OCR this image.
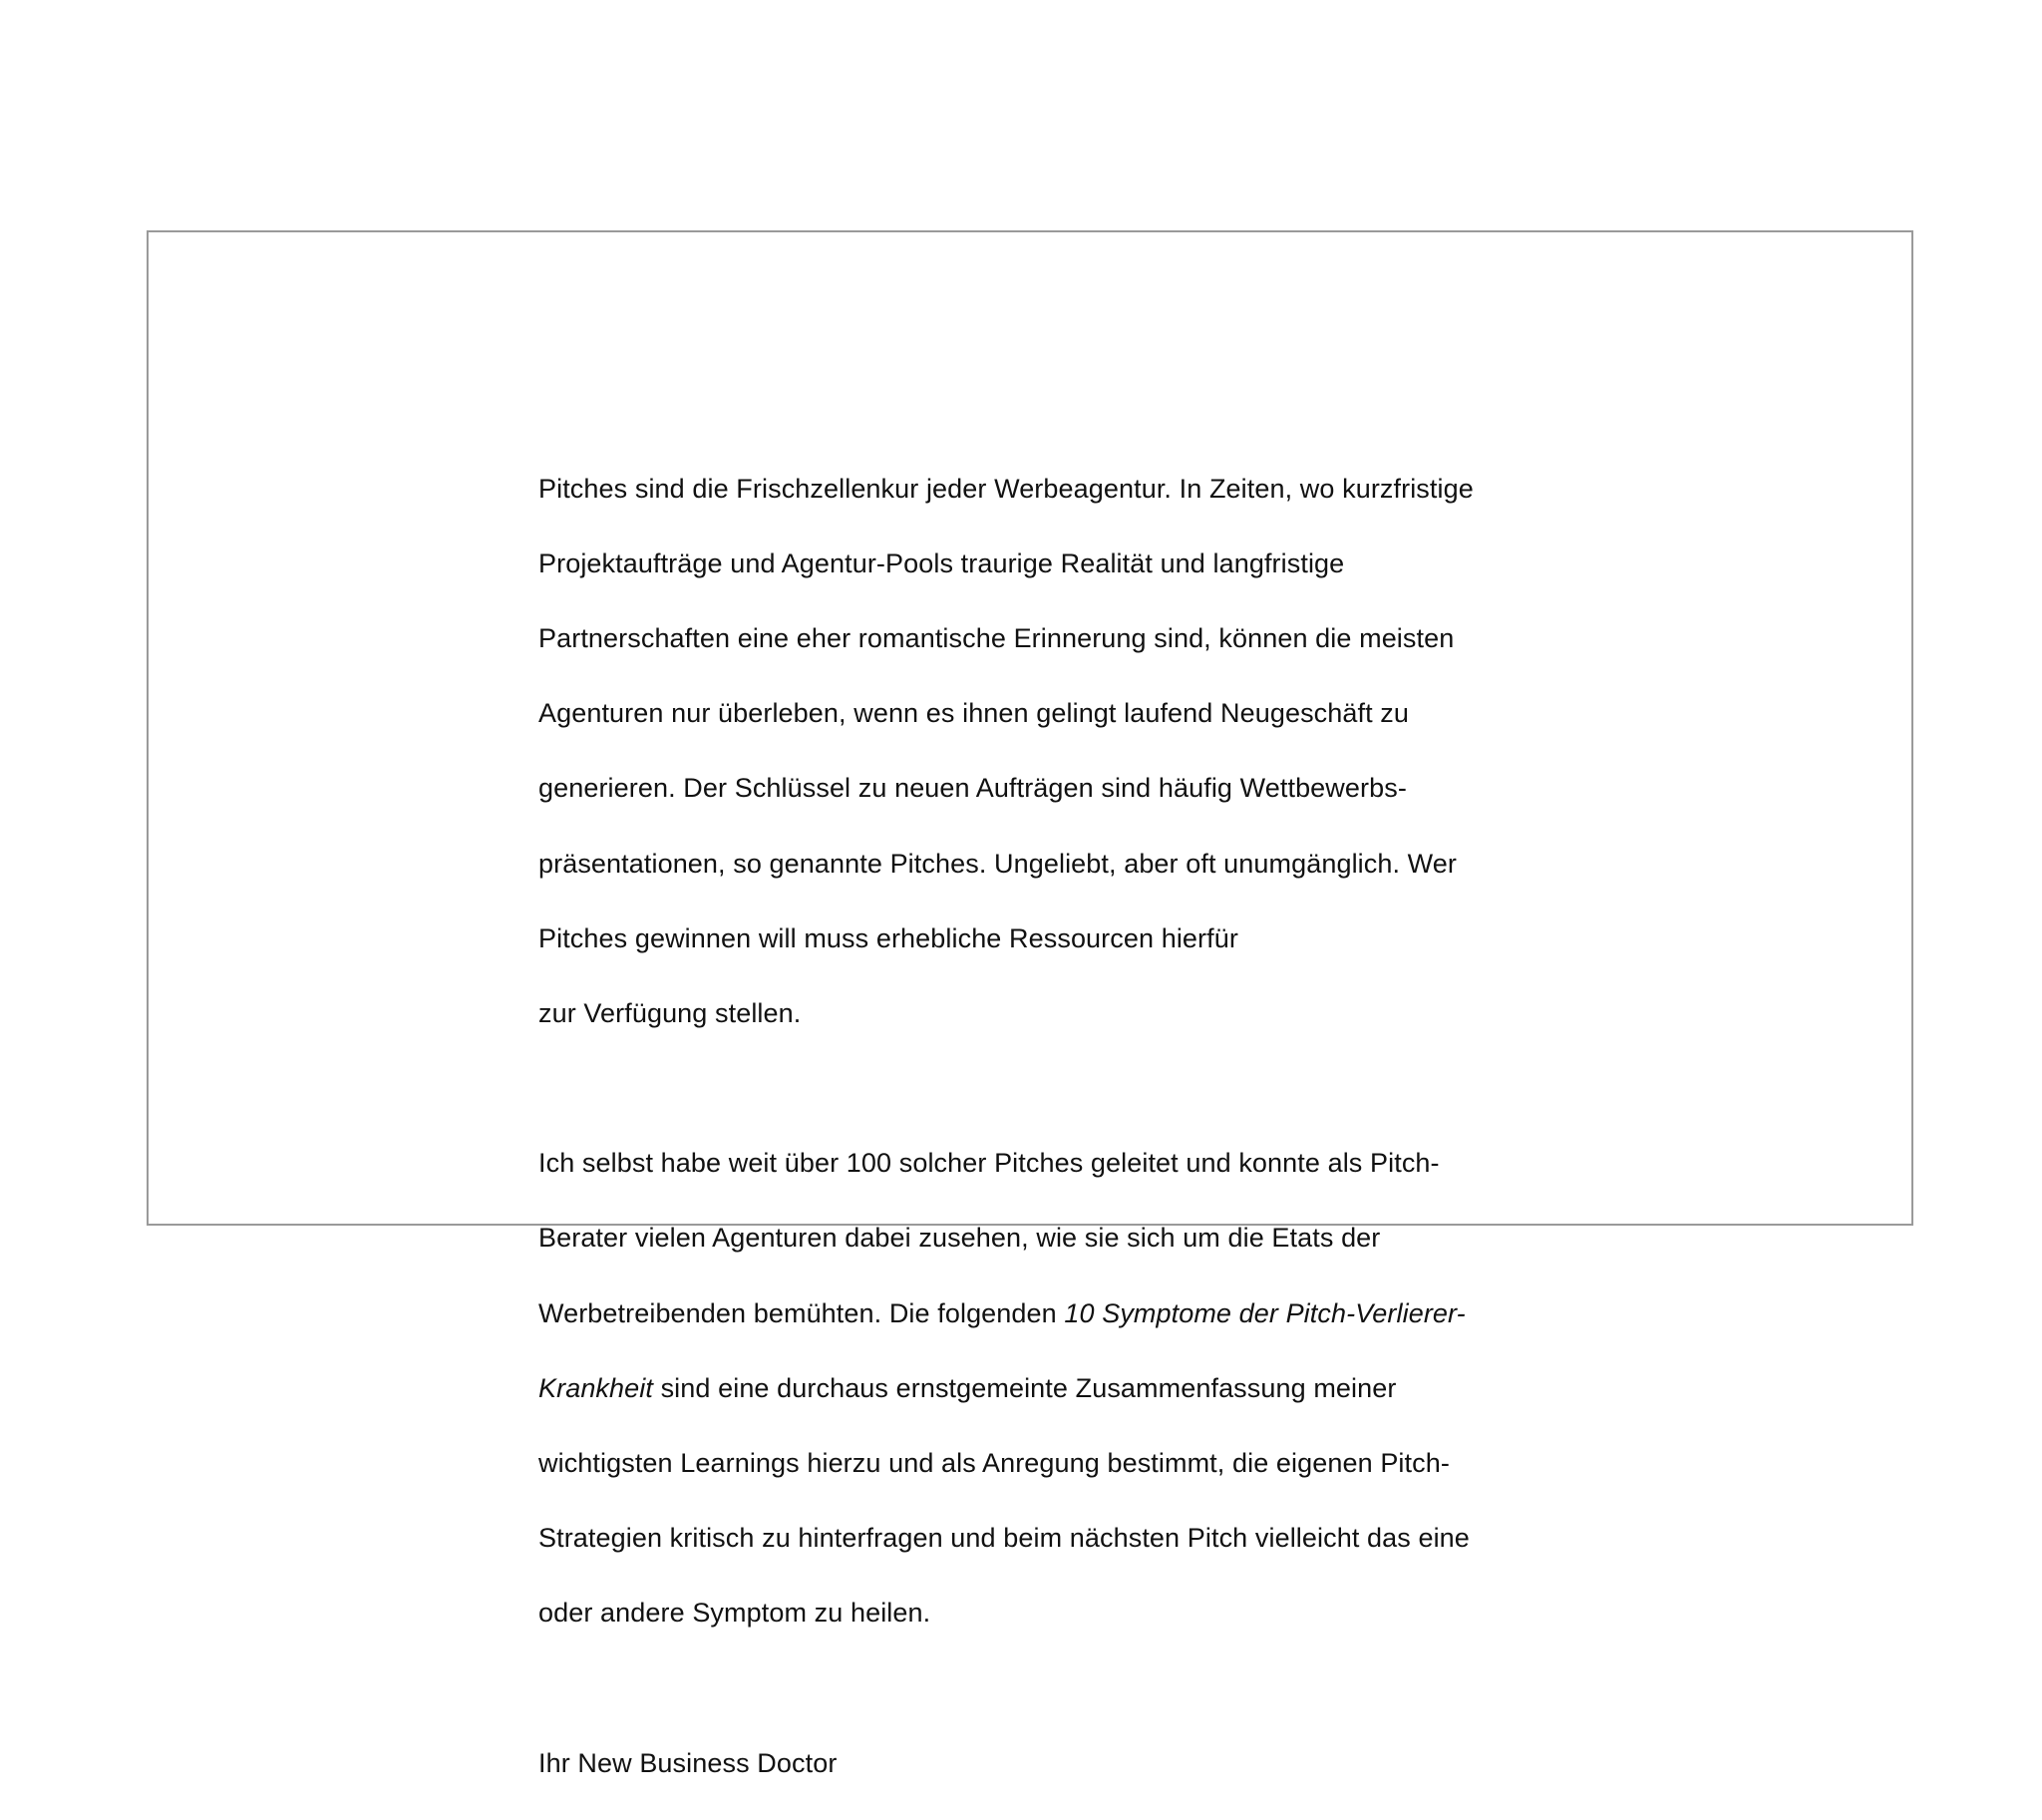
Pitches sind die Frischzellenkur jeder Werbeagentur. In Zeiten, wo kurzfristige

Projektaufträge und Agentur-Pools traurige Realität und langfristige

Partnerschaften eine eher romantische Erinnerung sind, können die meisten

Agenturen nur überleben, wenn es ihnen gelingt laufend Neugeschäft zu

generieren. Der Schlüssel zu neuen Aufträgen sind häufig Wettbewerbs-

präsentationen, so genannte Pitches. Ungeliebt, aber oft unumgänglich. Wer

Pitches gewinnen will muss erhebliche Ressourcen hierfür

zur Verfügung stellen.

Ich selbst habe weit über 100 solcher Pitches geleitet und konnte als Pitch-

Berater vielen Agenturen dabei zusehen, wie sie sich um die Etats der

Werbetreibenden bemühten. Die folgenden 10 Symptome der Pitch-Verlierer-

Krankheit sind eine durchaus ernstgemeinte Zusammenfassung meiner

wichtigsten Learnings hierzu und als Anregung bestimmt, die eigenen Pitch-

Strategien kritisch zu hinterfragen und beim nächsten Pitch vielleicht das eine

oder andere Symptom zu heilen.

Ihr New Business Doctor
